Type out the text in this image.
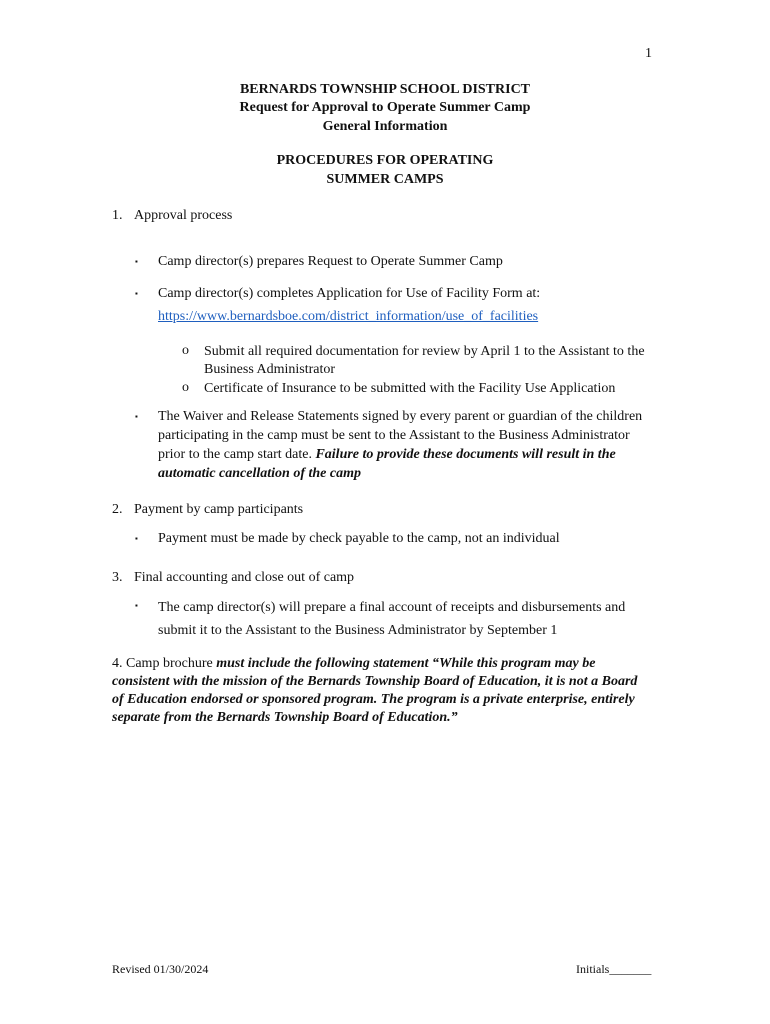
1
BERNARDS TOWNSHIP SCHOOL DISTRICT
Request for Approval to Operate Summer Camp
General Information
PROCEDURES FOR OPERATING
SUMMER CAMPS
1. Approval process
▪ Camp director(s) prepares Request to Operate Summer Camp
▪ Camp director(s) completes Application for Use of Facility Form at:
https://www.bernardsboe.com/district_information/use_of_facilities
o Submit all required documentation for review by April 1 to the Assistant to the Business Administrator
o Certificate of Insurance to be submitted with the Facility Use Application
▪ The Waiver and Release Statements signed by every parent or guardian of the children participating in the camp must be sent to the Assistant to the Business Administrator prior to the camp start date. Failure to provide these documents will result in the automatic cancellation of the camp
2. Payment by camp participants
▪ Payment must be made by check payable to the camp, not an individual
3. Final accounting and close out of camp
▪ The camp director(s) will prepare a final account of receipts and disbursements and submit it to the Assistant to the Business Administrator by September 1
4. Camp brochure must include the following statement “While this program may be consistent with the mission of the Bernards Township Board of Education, it is not a Board of Education endorsed or sponsored program. The program is a private enterprise, entirely separate from the Bernards Township Board of Education.”
Revised 01/30/2024	Initials_______
